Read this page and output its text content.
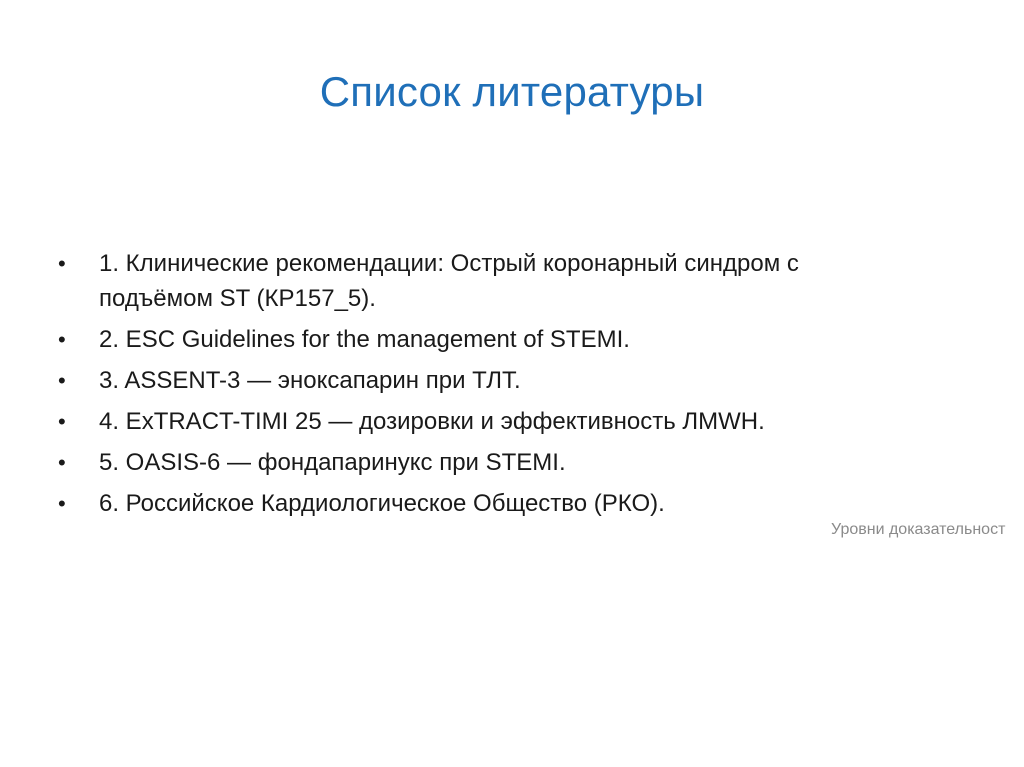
Список литературы
•	1. Клинические рекомендации: Острый коронарный синдром с подъёмом ST (КР157_5).
•	2. ESC Guidelines for the management of STEMI.
•	3. ASSENT-3 — эноксапарин при ТЛТ.
•	4. ExTRACT-TIMI 25 — дозировки и эффективность ЛМWH.
•	5. OASIS-6 — фондапаринукс при STEMI.
•	6. Российское Кардиологическое Общество (РКО).
Уровни доказательност
